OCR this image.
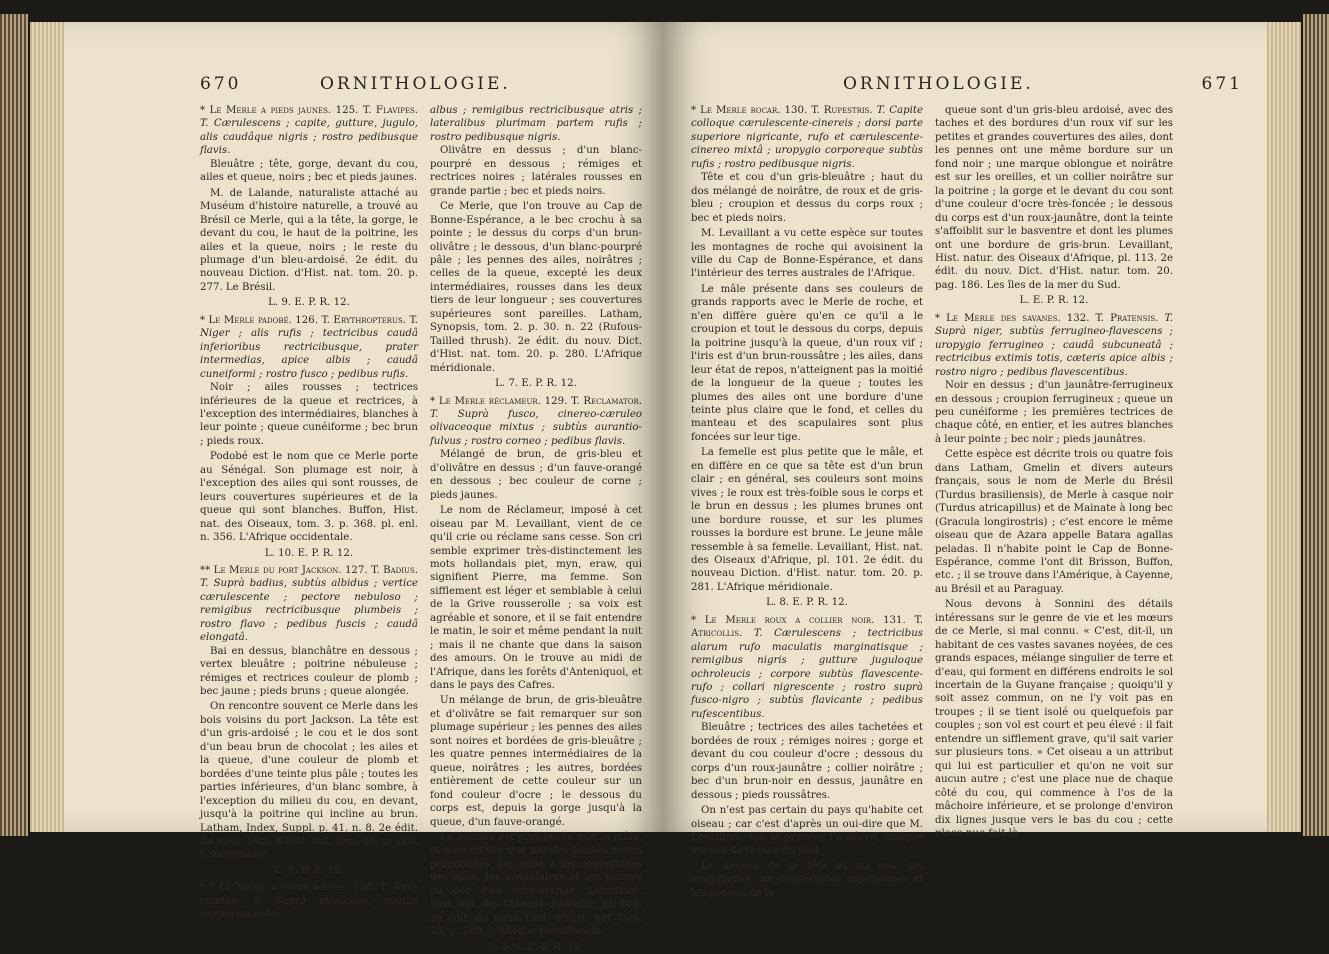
670	ORNITHOLOGIE.
* Le Merle a pieds jaunes. 125. T. Flavipes. T. Cærulescens ; capite, gutture, jugulo, alis caudâque nigris ; rostro pedibusque flavis.

Bleuâtre ; tête, gorge, devant du cou, ailes et queue, noirs ; bec et pieds jaunes.

M. de Lalande, naturaliste attaché au Muséum d'histoire naturelle, a trouvé au Brésil ce Merle, qui a la tête, la gorge, le devant du cou, le haut de la poitrine, les ailes et la queue, noirs ; le reste du plumage d'un bleu-ardoisé. 2e édit. du nouveau Diction. d'Hist. nat. tom. 20. p. 277. Le Brésil.

L. 9. E. P. R. 12.

* Le Merle padobé. 126. T. Erythropterus. T. Niger ; alis rufis ; tectricibus caudâ inferioribus rectricibusque, prater intermedias, apice albis ; caudâ cuneiformi ; rostro fusco ; pedibus rufis.

Noir ; ailes rousses ; tectrices inférieures de la queue et rectrices, à l'exception des intermédiaires, blanches à leur pointe ; queue cunéiforme ; bec brun ; pieds roux.

Podobé est le nom que ce Merle porte au Sénégal. Son plumage est noir, à l'exception des ailes qui sont rousses, de leurs couvertures supérieures et de la queue qui sont blanches. Buffon, Hist. nat. des Oiseaux, tom. 3. p. 368. pl. enl. n. 356. L'Afrique occidentale.

L. 10. E. P. R. 12.

** Le Merle du port Jackson. 127. T. Badius. T. Suprà badius, subtùs albidus ; vertice cærulescente ; pectore nebuloso ; remigibus rectricibusque plumbeis ; rostro flavo ; pedibus fuscis ; caudâ elongatâ.

Bai en dessus, blanchâtre en dessous ; vertex bleuâtre ; poitrine nébuleuse ; rémiges et rectrices couleur de plomb ; bec jaune ; pieds bruns ; queue alongée.

On rencontre souvent ce Merle dans les bois voisins du port Jackson. La tête est d'un gris-ardoisé ; le cou et le dos sont d'un beau brun de chocolat ; les ailes et la queue, d'une couleur de plomb et bordées d'une teinte plus pâle ; toutes les parties inférieures, d'un blanc sombre, à l'exception du milieu du cou, en devant, jusqu'à la poitrine qui incline au brun. Latham, Index, Suppl. p. 41. n. 8. 2e édit. du nouv. Dict. d'Hist. nat. tom. 20. p. 280. L'Australasie.

L. E. P. R. 12.

* * Le Merle a queue rousse. 128. T. Rufi- caudus. T. Suprà olivaceus, subtùs purpurascente-
albus ; remigibus rectricibusque atris ; lateralibus plurimam partem rufis ; rostro pedibusque nigris.

Olivâtre en dessus ; d'un blanc-pourpré en dessous ; rémiges et rectrices noires ; latérales rousses en grande partie ; bec et pieds noirs.

Ce Merle, que l'on trouve au Cap de Bonne-Espérance, a le bec crochu à sa pointe ; le dessus du corps d'un brun-olivâtre ; le dessous, d'un blanc-pourpré pâle ; les pennes des ailes, noirâtres ; celles de la queue, excepté les deux intermédiaires, rousses dans les deux tiers de leur longueur ; ses couvertures supérieures sont pareilles. Latham, Synopsis, tom. 2. p. 30. n. 22 (Rufous-Tailled thrush). 2e édit. du nouv. Dict. d'Hist. nat. tom. 20. p. 280. L'Afrique méridionale.

L. 7. E. P. R. 12.

* Le Merle réclameur. 129. T. Reclamator. T. Suprà fusco, cinereo-cæruleo olivaceoque mixtus ; subtùs aurantio-fulvus ; rostro corneo ; pedibus flavis.

Mélangé de brun, de gris-bleu et d'olivâtre en dessus ; d'un fauve-orangé en dessous ; bec couleur de corne ; pieds jaunes.

Le nom de Réclameur, imposé à cet oiseau par M. Levaillant, vient de ce qu'il crie ou réclame sans cesse. Son cri semble exprimer très-distinctement les mots hollandais piet, myn, eraw, qui signifient Pierre, ma femme. Son sifflement est léger et semblable à celui de la Grive rousserolle ; sa voix est agréable et sonore, et il se fait entendre le matin, le soir et même pendant la nuit ; mais il ne chante que dans la saison des amours. On le trouve au midi de l'Afrique, dans les forêts d'Anteniquoi, et dans le pays des Cafres.

Un mélange de brun, de gris-bleuâtre et d'olivâtre se fait remarquer sur son plumage supérieur ; les pennes des ailes sont noires et bordées de gris-bleuâtre ; les quatre pennes intermédiaires de la queue, noirâtres ; les autres, bordées entièrement de cette couleur sur un fond couleur d'ocre ; le dessous du corps est, depuis la gorge jusqu'à la queue, d'un fauve-orangé.

La femelle est plus petite que le mâle, et n'en diffère que par des teintes moins prononcées. Le jeune a les couvertures des ailes, les scapulaires et les plumes du dos d'un roux-orangé. Levaillant, Hist. nat. des Oiseaux d'Afrique, pl. 104. 2e édit. du nouv. Dict. d'Hist. nat. tom. 20. p. 280. L'Afrique méridionale.

L. 5 ½. E. P. R. 12.

ORNITHOLOGIE.	671
* Le Merle rocar. 130. T. Rupestris. T. Capite colloque cærulescente-cinereis ; dorsi parte superiore nigricante, rufo et cærulescente-cinereo mixtâ ; uropygio corporeque subtùs rufis ; rostro pedibusque nigris.

Tête et cou d'un gris-bleuâtre ; haut du dos mélangé de noirâtre, de roux et de gris-bleu ; croupion et dessus du corps roux ; bec et pieds noirs.

M. Levaillant a vu cette espèce sur toutes les montagnes de roche qui avoisinent la ville du Cap de Bonne-Espérance, et dans l'intérieur des terres australes de l'Afrique.

Le mâle présente dans ses couleurs de grands rapports avec le Merle de roche, et n'en diffère guère qu'en ce qu'il a le croupion et tout le dessous du corps, depuis la poitrine jusqu'à la queue, d'un roux vif ; l'iris est d'un brun-roussâtre ; les ailes, dans leur état de repos, n'atteignent pas la moitié de la longueur de la queue ; toutes les plumes des ailes ont une bordure d'une teinte plus claire que le fond, et celles du manteau et des scapulaires sont plus foncées sur leur tige.

La femelle est plus petite que le mâle, et en diffère en ce que sa tête est d'un brun clair ; en général, ses couleurs sont moins vives ; le roux est très-foible sous le corps et le brun en dessus ; les plumes brunes ont une bordure rousse, et sur les plumes rousses la bordure est brune. Le jeune mâle ressemble à sa femelle. Levaillant, Hist. nat. des Oiseaux d'Afrique, pl. 101. 2e édit. du nouveau Diction. d'Hist. natur. tom. 20. p. 281. L'Afrique méridionale.

L. 8. E. P. R. 12.

* Le Merle roux a collier noir. 131. T. Atricollis. T. Cærulescens ; tectricibus alarum rufo maculatis marginatisque ; remigibus nigris ; gutture juguloque ochroleucis ; corpore subtùs flavescente-rufo ; collari nigrescente ; rostro suprà fusco-nigro ; subtùs flavicante ; pedibus rufescentibus.

Bleuâtre ; tectrices des ailes tachetées et bordées de roux ; rémiges noires ; gorge et devant du cou couleur d'ocre ; dessous du corps d'un roux-jaunâtre ; collier noirâtre ; bec d'un brun-noir en dessus, jaunâtre en dessous ; pieds roussâtres.

On n'est pas certain du pays qu'habite cet oiseau ; car c'est d'après un oui-dire que M. Levaillant, qui le premier l'a décrit, indique les îles de la mer du Sud.

Le dessus de la tête et du cou, les scapulaires, les couvertures supérieures et les pennes de la

queue sont d'un gris-bleu ardoisé, avec des taches et des bordures d'un roux vif sur les petites et grandes couvertures des ailes, dont les pennes ont une même bordure sur un fond noir ; une marque oblongue et noirâtre est sur les oreilles, et un collier noirâtre sur la poitrine ; la gorge et le devant du cou sont d'une couleur d'ocre très-foncée ; le dessous du corps est d'un roux-jaunâtre, dont la teinte s'affoiblit sur le basventre et dont les plumes ont une bordure de gris-brun. Levaillant, Hist. natur. des Oiseaux d'Afrique, pl. 113. 2e édit. du nouv. Dict. d'Hist. natur. tom. 20. pag. 186. Les îles de la mer du Sud.

L. E. P. R. 12.

* Le Merle des savanes. 132. T. Pratensis. T. Suprà niger, subtùs ferrugineo-flavescens ; uropygio ferrugineo ; caudâ subcuneatâ ; rectricibus extimis totis, cæteris apice albis ; rostro nigro ; pedibus flavescentibus.

Noir en dessus ; d'un jaunâtre-ferrugineux en dessous ; croupion ferrugineux ; queue un peu cunéiforme ; les premières tectrices de chaque côté, en entier, et les autres blanches à leur pointe ; bec noir ; pieds jaunâtres.

Cette espèce est décrite trois ou quatre fois dans Latham, Gmelin et divers auteurs français, sous le nom de Merle du Brésil (Turdus brasiliensis), de Merle à casque noir (Turdus atricapillus) et de Mainate à long bec (Gracula longirostris) ; c'est encore le même oiseau que de Azara appelle Batara agallas peladas. Il n'habite point le Cap de Bonne-Espérance, comme l'ont dit Brisson, Buffon, etc. ; il se trouve dans l'Amérique, à Cayenne, au Brésil et au Paraguay.

Nous devons à Sonnini des détails intéressans sur le genre de vie et les mœurs de ce Merle, si mal connu. « C'est, dit-il, un habitant de ces vastes savanes noyées, de ces grands espaces, mélange singulier de terre et d'eau, qui forment en différens endroits le sol incertain de la Guyane française ; quoiqu'il y soit assez commun, on ne l'y voit pas en troupes ; il se tient isolé ou quelquefois par couples ; son vol est court et peu élevé : il fait entendre un sifflement grave, qu'il sait varier sur plusieurs tons. » Cet oiseau a un attribut qui lui est particulier et qu'on ne voit sur aucun autre ; c'est une place nue de chaque côté du cou, qui commence à l'os de la mâchoire inférieure, et se prolonge d'environ dix lignes jusque vers le bas du cou ; cette place nue fait là
